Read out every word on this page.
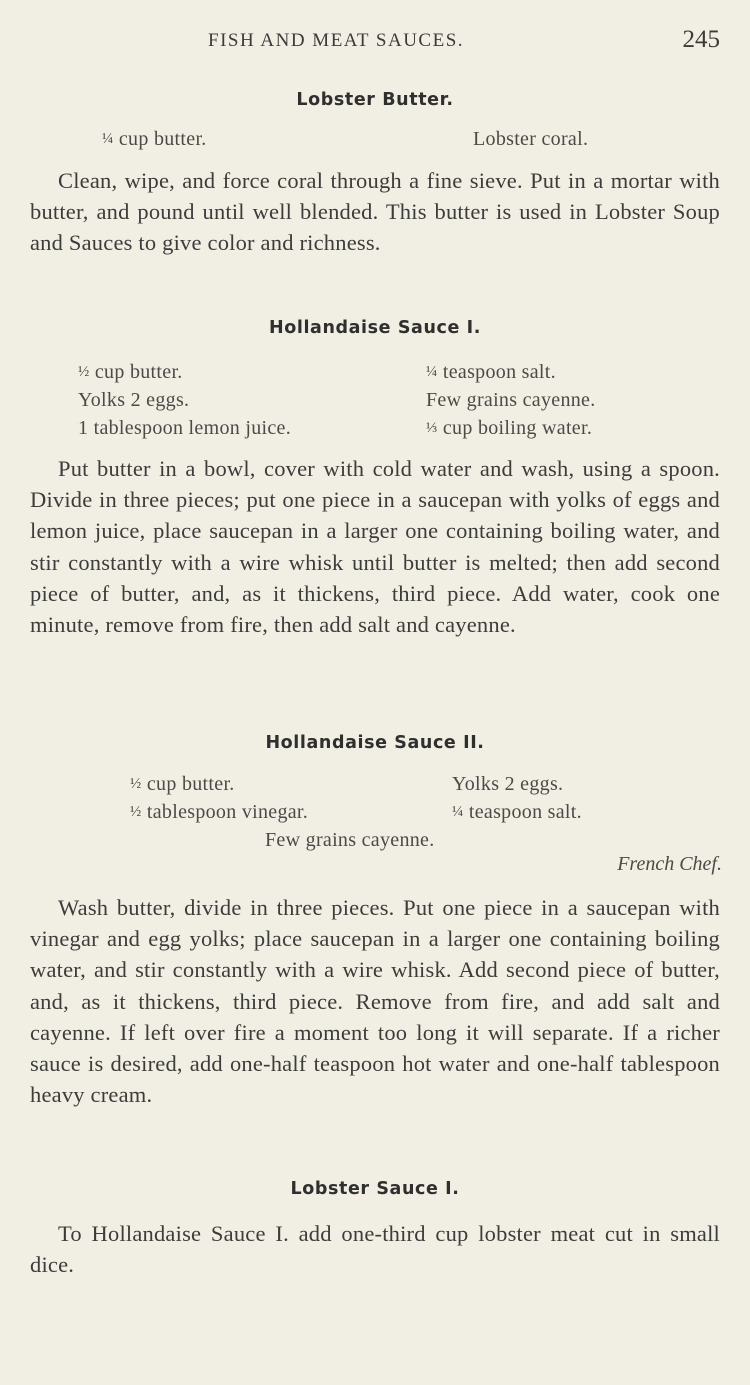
FISH AND MEAT SAUCES.	245
Lobster Butter.
¼ cup butter.	Lobster coral.
Clean, wipe, and force coral through a fine sieve. Put in a mortar with butter, and pound until well blended. This butter is used in Lobster Soup and Sauces to give color and richness.
Hollandaise Sauce I.
½ cup butter.
Yolks 2 eggs.
1 tablespoon lemon juice.
¼ teaspoon salt.
Few grains cayenne.
⅓ cup boiling water.
Put butter in a bowl, cover with cold water and wash, using a spoon. Divide in three pieces; put one piece in a saucepan with yolks of eggs and lemon juice, place saucepan in a larger one containing boiling water, and stir constantly with a wire whisk until butter is melted; then add second piece of butter, and, as it thickens, third piece. Add water, cook one minute, remove from fire, then add salt and cayenne.
Hollandaise Sauce II.
½ cup butter.
½ tablespoon vinegar.
Yolks 2 eggs.
¼ teaspoon salt.
Few grains cayenne.
French Chef.
Wash butter, divide in three pieces. Put one piece in a saucepan with vinegar and egg yolks; place saucepan in a larger one containing boiling water, and stir constantly with a wire whisk. Add second piece of butter, and, as it thickens, third piece. Remove from fire, and add salt and cayenne. If left over fire a moment too long it will separate. If a richer sauce is desired, add one-half teaspoon hot water and one-half tablespoon heavy cream.
Lobster Sauce I.
To Hollandaise Sauce I. add one-third cup lobster meat cut in small dice.
